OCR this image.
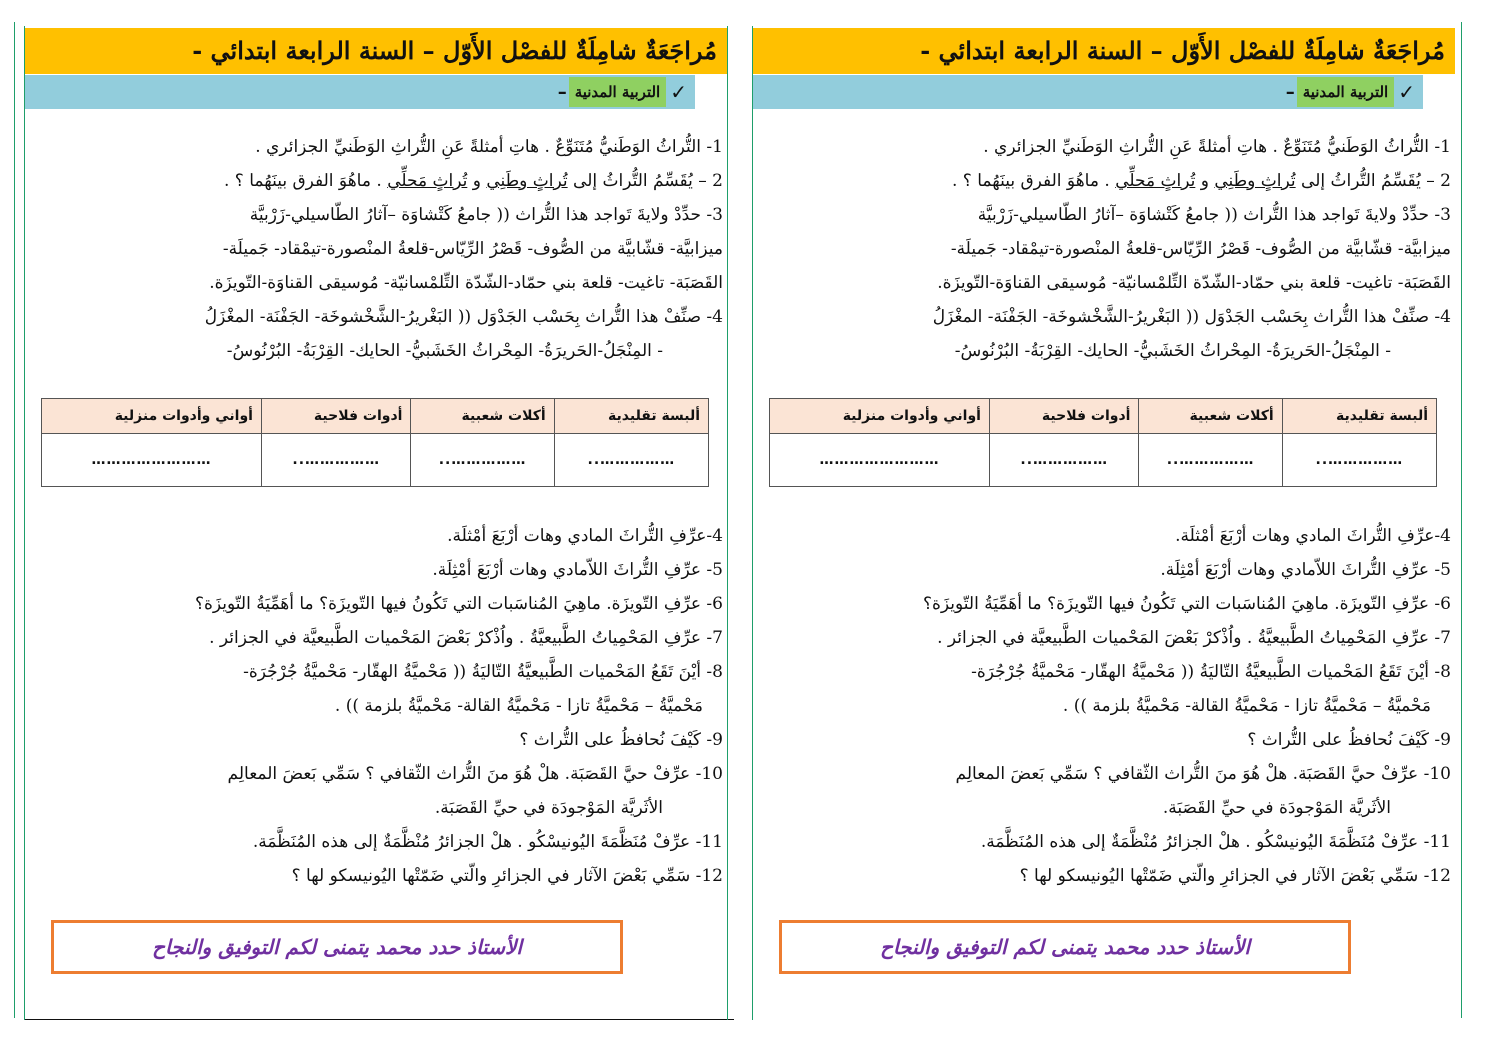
مُراجَعَةٌ شامِلَةٌ للفصْل الأَوّل – السنة الرابعة ابتدائي -
✓
التربية المدنية
–
1- التُّراثُ الوَطَنيُّ مُتَنَوِّعٌ . هاتِ أمثلةً عَنِ التُّراثِ الوَطَنيِّ الجزائري .
2 – يُقَسِّمُ التُّراثُ إلى تُراثٍ وطَنِي و تُراثٍ مَحلِّي . ماهُوَ الفرق بينَهُما ؟ .
3- حدِّدْ ولايةَ تَواجد هذا التُّراث (( جامعُ كَتْشاوَة –آثارُ الطّاسيلي-زَرْبيَّة
ميزابيَّة- قشّابيَّة من الصُّوف- قَصْرُ الرِّيّاس-قلعةُ المنْصورة-تيمْقاد- جَميلَة-
القَصَبَة- تاغيت- قلعة بني حمّاد-الشّدّة التِّلمْسانيّة- مُوسيقى القناوَة-التّويزَة.
4- صنِّفْ هذا التُّراث بِحَسْب الجَدْوَل (( البَغْريرُ-الشَّخْشوخَة- الجَفْنَة- المغْزَلُ
- المِنْجَلُ-الحَريرَةُ- المِحْراثُ الخَشَبيُّ- الحايك- القِرْبَةُ- البُرْنُوسُ-
ألبسة تقليدية	أكلات شعبية	أدوات فلاحية	أواني وأدوات منزلية
……………..	……………..	……………..	……………………
4-عرِّفِ التُّراثَ المادي وهات أرْبَعَ أمْثلَة.
5- عرِّفِ التُّراثَ اللاّمادي وهات أرْبَعَ أمْثِلَة.
6- عرِّفِ التّويزَة. ماهِيَ المُناسَبات التي تَكُونُ فيها التّويزَة؟ ما أهَمِّيَةُ التّويزَة؟
7- عرِّفِ المَحْمِياتُ الطَّبيعيَّةُ . واُذْكرْ بَعْضَ المَحْميات الطَّبيعيَّة في الجزائر .
8- أيْنَ تَقَعُ المَحْميات الطَّبيعيَّةُ التّاليَةُ (( مَحْميَّةُ الهقّار- مَحْميَّةُ جُرْجُرَة-
مَحْميَّةُ – مَحْميَّةُ تازا - مَحْميَّةُ القالة- مَحْميَّةُ بلزمة )) .
9- كَيْفَ نُحافظُ على التُّراث ؟
10- عرِّفْ حيَّ القَصَبَة. هلْ هُوَ منَ التُّراث الثّقافي ؟ سَمِّي بَعضَ المعالِم
الأثَريَّة المَوْجودَة في حيِّ القَصَبَة.
11- عرِّفْ مُنَظَّمَةَ اليُونيسْكُو . هلْ الجزائرُ مُنْظَّمَةٌ إلى هذه المُنَظَّمَة.
12- سَمِّي بَعْضَ الآثار في الجزائرِ والّتي ضَمّتْها اليُونيسكو لها ؟
الأستاذ حدد محمد يتمنى لكم التوفيق والنجاح
مُراجَعَةٌ شامِلَةٌ للفصْل الأَوّل – السنة الرابعة ابتدائي -
✓
التربية المدنية
–
1- التُّراثُ الوَطَنيُّ مُتَنَوِّعٌ . هاتِ أمثلةً عَنِ التُّراثِ الوَطَنيِّ الجزائري .
2 – يُقَسِّمُ التُّراثُ إلى تُراثٍ وطَنِي و تُراثٍ مَحلِّي . ماهُوَ الفرق بينَهُما ؟ .
3- حدِّدْ ولايةَ تَواجد هذا التُّراث (( جامعُ كَتْشاوَة –آثارُ الطّاسيلي-زَرْبيَّة
ميزابيَّة- قشّابيَّة من الصُّوف- قَصْرُ الرِّيّاس-قلعةُ المنْصورة-تيمْقاد- جَميلَة-
القَصَبَة- تاغيت- قلعة بني حمّاد-الشّدّة التِّلمْسانيّة- مُوسيقى القناوَة-التّويزَة.
4- صنِّفْ هذا التُّراث بِحَسْب الجَدْوَل (( البَغْريرُ-الشَّخْشوخَة- الجَفْنَة- المغْزَلُ
- المِنْجَلُ-الحَريرَةُ- المِحْراثُ الخَشَبيُّ- الحايك- القِرْبَةُ- البُرْنُوسُ-
ألبسة تقليدية	أكلات شعبية	أدوات فلاحية	أواني وأدوات منزلية
……………..	……………..	……………..	……………………
4-عرِّفِ التُّراثَ المادي وهات أرْبَعَ أمْثلَة.
5- عرِّفِ التُّراثَ اللاّمادي وهات أرْبَعَ أمْثِلَة.
6- عرِّفِ التّويزَة. ماهِيَ المُناسَبات التي تَكُونُ فيها التّويزَة؟ ما أهَمِّيَةُ التّويزَة؟
7- عرِّفِ المَحْمِياتُ الطَّبيعيَّةُ . واُذْكرْ بَعْضَ المَحْميات الطَّبيعيَّة في الجزائر .
8- أيْنَ تَقَعُ المَحْميات الطَّبيعيَّةُ التّاليَةُ (( مَحْميَّةُ الهقّار- مَحْميَّةُ جُرْجُرَة-
مَحْميَّةُ – مَحْميَّةُ تازا - مَحْميَّةُ القالة- مَحْميَّةُ بلزمة )) .
9- كَيْفَ نُحافظُ على التُّراث ؟
10- عرِّفْ حيَّ القَصَبَة. هلْ هُوَ منَ التُّراث الثّقافي ؟ سَمِّي بَعضَ المعالِم
الأثَريَّة المَوْجودَة في حيِّ القَصَبَة.
11- عرِّفْ مُنَظَّمَةَ اليُونيسْكُو . هلْ الجزائرُ مُنْظَّمَةٌ إلى هذه المُنَظَّمَة.
12- سَمِّي بَعْضَ الآثار في الجزائرِ والّتي ضَمّتْها اليُونيسكو لها ؟
الأستاذ حدد محمد يتمنى لكم التوفيق والنجاح
